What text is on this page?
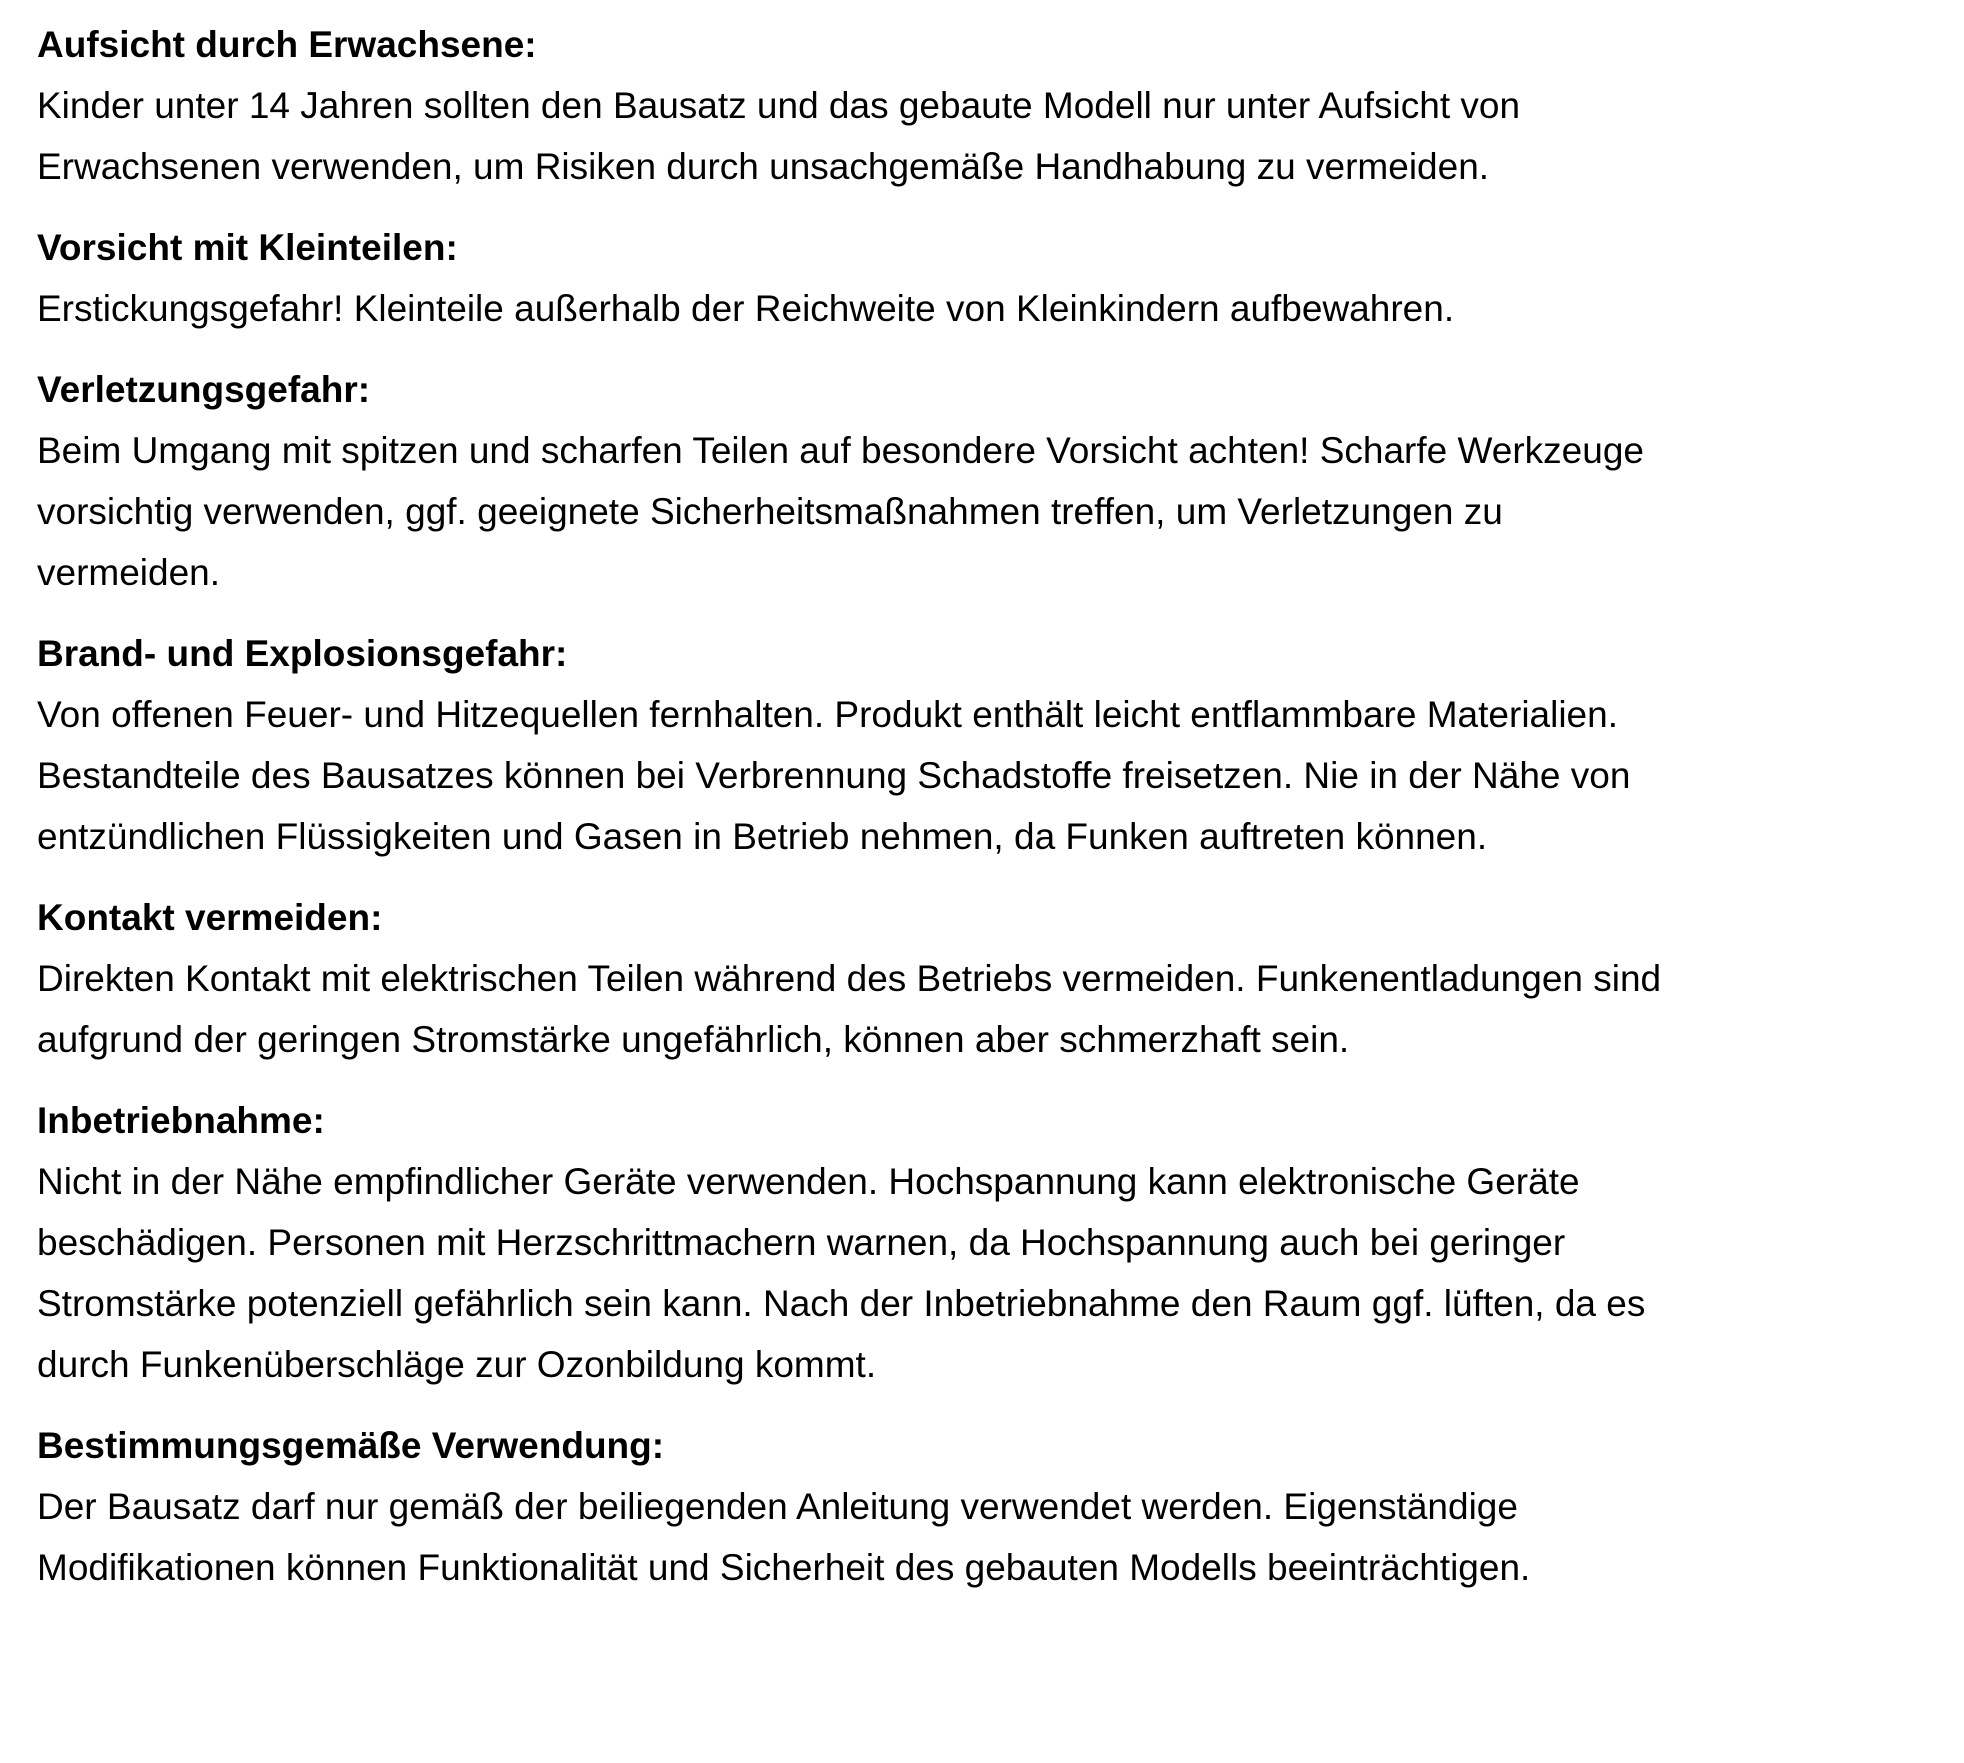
Aufsicht durch Erwachsene:

Kinder unter 14 Jahren sollten den Bausatz und das gebaute Modell nur unter Aufsicht von
Erwachsenen verwenden, um Risiken durch unsachgemäße Handhabung zu vermeiden.

Vorsicht mit Kleinteilen:

Erstickungsgefahr! Kleinteile außerhalb der Reichweite von Kleinkindern aufbewahren.

Verletzungsgefahr:

Beim Umgang mit spitzen und scharfen Teilen auf besondere Vorsicht achten! Scharfe Werkzeuge
vorsichtig verwenden, ggf. geeignete Sicherheitsmaßnahmen treffen, um Verletzungen zu
vermeiden.

Brand- und Explosionsgefahr:

Von offenen Feuer- und Hitzequellen fernhalten. Produkt enthält leicht entflammbare Materialien.
Bestandteile des Bausatzes können bei Verbrennung Schadstoffe freisetzen. Nie in der Nähe von
entzündlichen Flüssigkeiten und Gasen in Betrieb nehmen, da Funken auftreten können.

Kontakt vermeiden:

Direkten Kontakt mit elektrischen Teilen während des Betriebs vermeiden. Funkenentladungen sind
aufgrund der geringen Stromstärke ungefährlich, können aber schmerzhaft sein.

Inbetriebnahme:

Nicht in der Nähe empfindlicher Geräte verwenden. Hochspannung kann elektronische Geräte
beschädigen. Personen mit Herzschrittmachern warnen, da Hochspannung auch bei geringer
Stromstärke potenziell gefährlich sein kann. Nach der Inbetriebnahme den Raum ggf. lüften, da es
durch Funkenüberschläge zur Ozonbildung kommt.

Bestimmungsgemäße Verwendung:

Der Bausatz darf nur gemäß der beiliegenden Anleitung verwendet werden. Eigenständige
Modifikationen können Funktionalität und Sicherheit des gebauten Modells beeinträchtigen.
